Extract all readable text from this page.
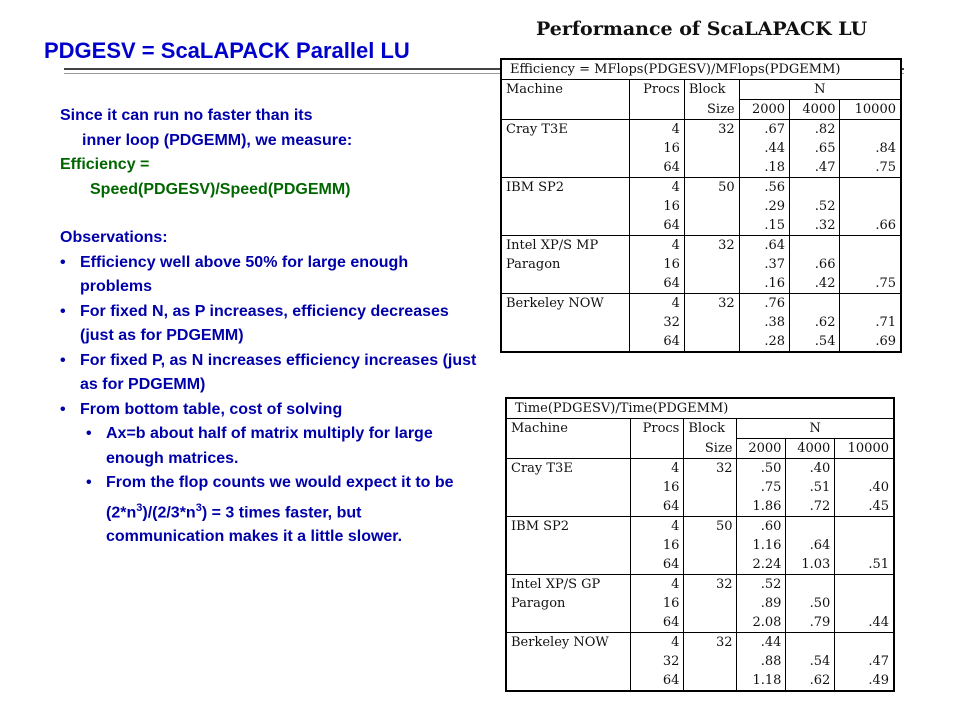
PDGESV = ScaLAPACK Parallel LU
Since it can run no faster than its
inner loop (PDGEMM), we measure:
Efficiency =
Speed(PDGESV)/Speed(PDGEMM)
Observations:
• Efficiency well above 50% for large enough problems
• For fixed N, as P increases, efficiency decreases (just as for PDGEMM)
• For fixed P, as N increases efficiency increases (just as for PDGEMM)
• From bottom table, cost of solving
• Ax=b about half of matrix multiply for large enough matrices.
• From the flop counts we would expect it to be $(2*n^3)/(2/3*n^3) = 3$ times faster, but communication makes it a little slower.
Performance of ScaLAPACK LU
Efficiency = MFlops(PDGESV)/MFlops(PDGEMM)					
Machine	Procs	Block	N		
		Size	2000	4000	10000
Cray T3E	4	32	.67	.82	
	16		.44	.65	.84
	64		.18	.47	.75
IBM SP2	4	50	.56		
	16		.29	.52	
	64		.15	.32	.66
Intel XP/S MP	4	32	.64		
Paragon	16		.37	.66	
	64		.16	.42	.75
Berkeley NOW	4	32	.76		
	32		.38	.62	.71
	64		.28	.54	.69
Time(PDGESV)/Time(PDGEMM)					
Machine	Procs	Block	N		
		Size	2000	4000	10000
Cray T3E	4	32	.50	.40	
	16		.75	.51	.40
	64		1.86	.72	.45
IBM SP2	4	50	.60		
	16		1.16	.64	
	64		2.24	1.03	.51
Intel XP/S GP	4	32	.52		
Paragon	16		.89	.50	
	64		2.08	.79	.44
Berkeley NOW	4	32	.44		
	32		.88	.54	.47
	64		1.18	.62	.49
